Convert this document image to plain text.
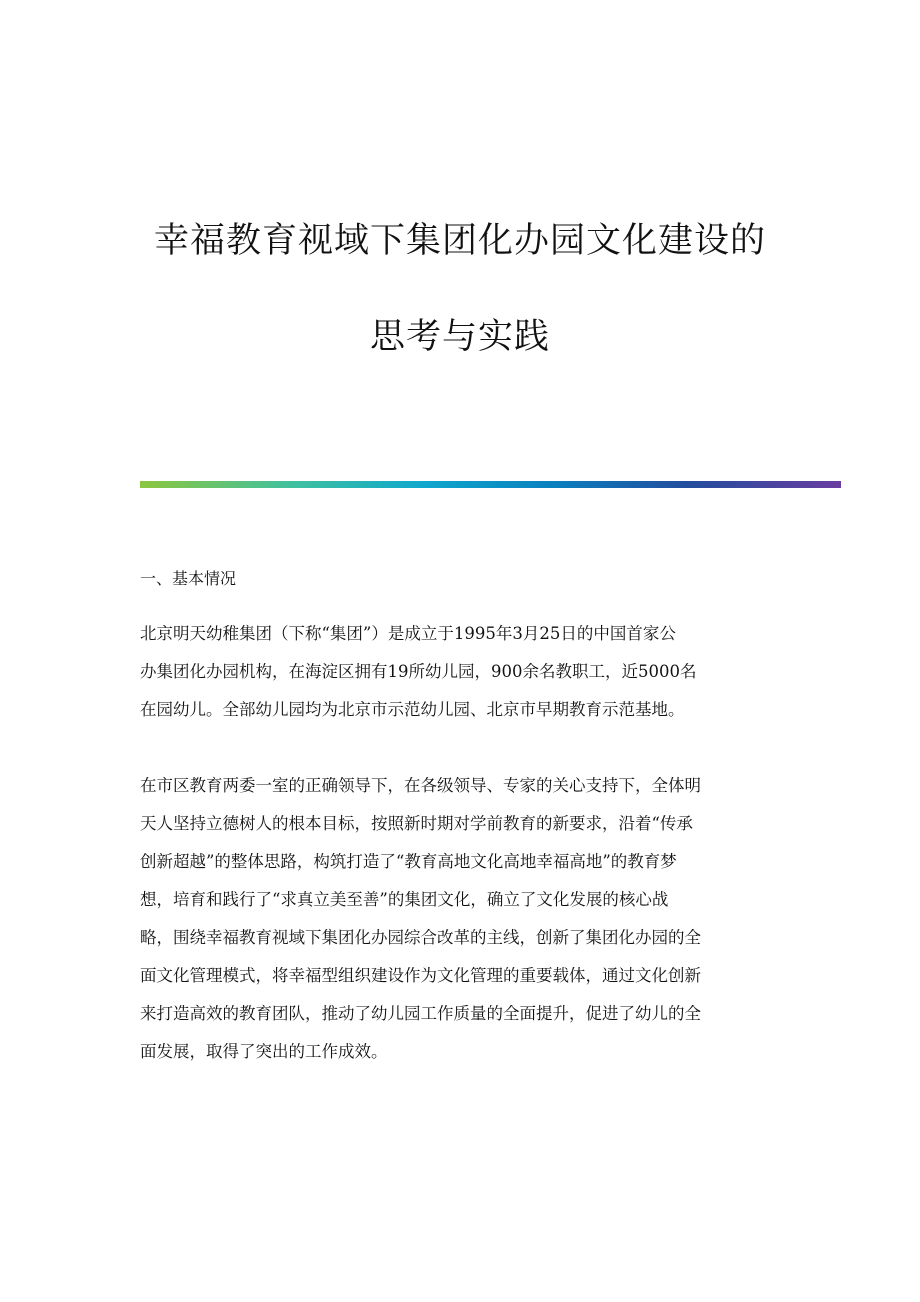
幸福教育视域下集团化办园文化建设的
思考与实践
一、基本情况
北京明天幼稚集团（下称“集团”）是成立于1995年3月25日的中国首家公
办集团化办园机构，在海淀区拥有19所幼儿园，900余名教职工，近5000名
在园幼儿。全部幼儿园均为北京市示范幼儿园、北京市早期教育示范基地。
在市区教育两委一室的正确领导下，在各级领导、专家的关心支持下，全体明
天人坚持立德树人的根本目标，按照新时期对学前教育的新要求，沿着“传承
创新超越”的整体思路，构筑打造了“教育高地文化高地幸福高地”的教育梦
想，培育和践行了“求真立美至善”的集团文化，确立了文化发展的核心战
略，围绕幸福教育视域下集团化办园综合改革的主线，创新了集团化办园的全
面文化管理模式，将幸福型组织建设作为文化管理的重要载体，通过文化创新
来打造高效的教育团队，推动了幼儿园工作质量的全面提升，促进了幼儿的全
面发展，取得了突出的工作成效。
